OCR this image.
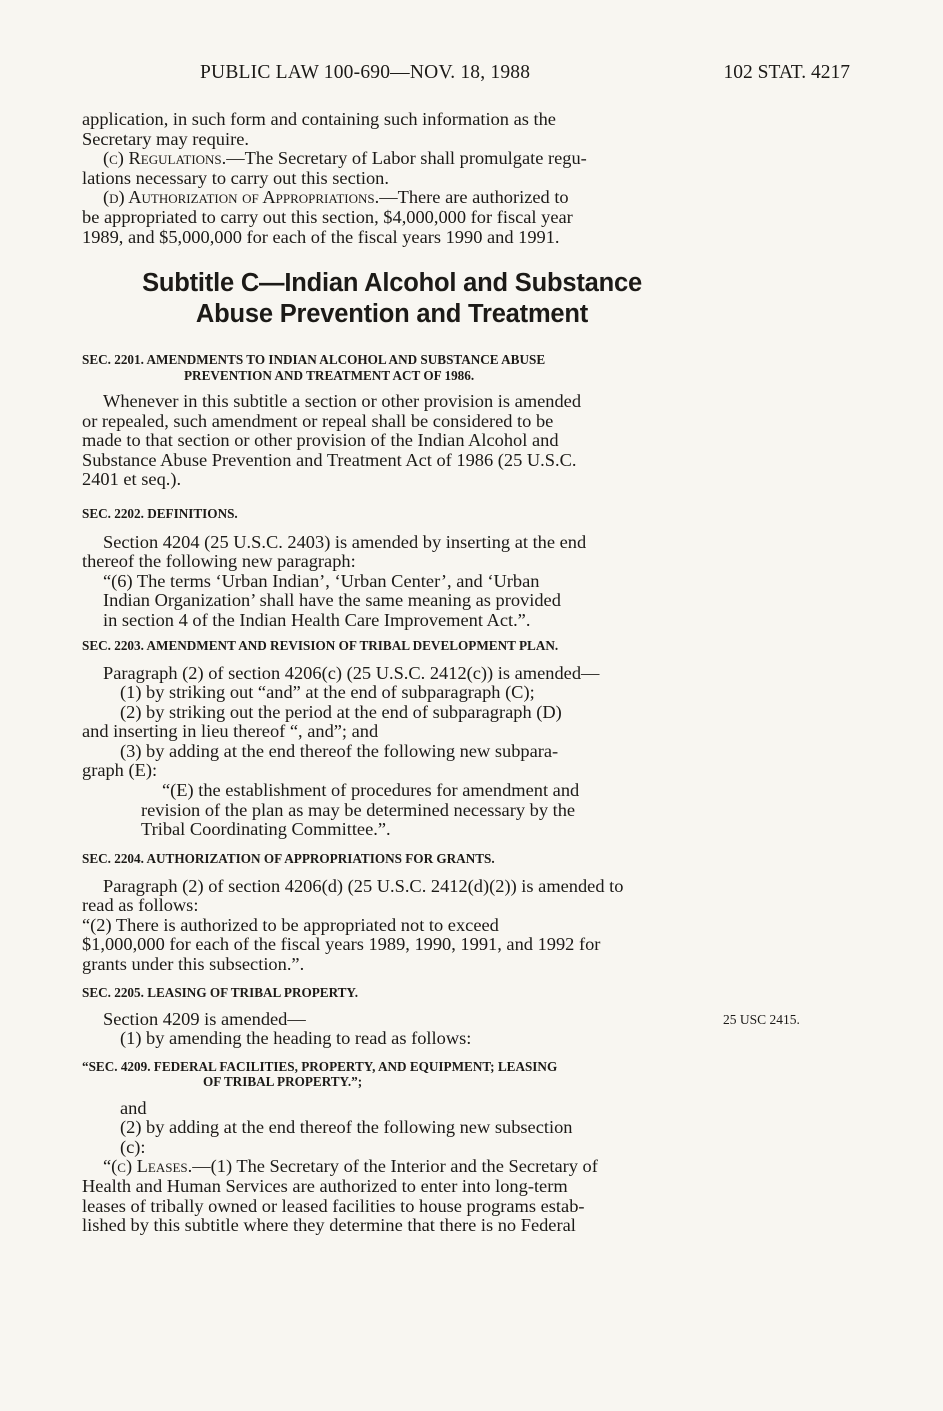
PUBLIC LAW 100-690—NOV. 18, 1988	102 STAT. 4217

application, in such form and containing such information as the

Secretary may require.

(c) Regulations.—The Secretary of Labor shall promulgate regu-

lations necessary to carry out this section.

(d) Authorization of Appropriations.—There are authorized to

be appropriated to carry out this section, $4,000,000 for fiscal year

1989, and $5,000,000 for each of the fiscal years 1990 and 1991.

Subtitle C—Indian Alcohol and Substance
Abuse Prevention and Treatment
SEC. 2201. AMENDMENTS TO INDIAN ALCOHOL AND SUBSTANCE ABUSE
PREVENTION AND TREATMENT ACT OF 1986.

Whenever in this subtitle a section or other provision is amended

or repealed, such amendment or repeal shall be considered to be

made to that section or other provision of the Indian Alcohol and

Substance Abuse Prevention and Treatment Act of 1986 (25 U.S.C.

2401 et seq.).

SEC. 2202. DEFINITIONS.

Section 4204 (25 U.S.C. 2403) is amended by inserting at the end

thereof the following new paragraph:

“(6) The terms ‘Urban Indian’, ‘Urban Center’, and ‘Urban

Indian Organization’ shall have the same meaning as provided

in section 4 of the Indian Health Care Improvement Act.”.

SEC. 2203. AMENDMENT AND REVISION OF TRIBAL DEVELOPMENT PLAN.

Paragraph (2) of section 4206(c) (25 U.S.C. 2412(c)) is amended—

(1) by striking out “and” at the end of subparagraph (C);

(2) by striking out the period at the end of subparagraph (D)

and inserting in lieu thereof “, and”; and

(3) by adding at the end thereof the following new subpara-

graph (E):

“(E) the establishment of procedures for amendment and

revision of the plan as may be determined necessary by the

Tribal Coordinating Committee.”.

SEC. 2204. AUTHORIZATION OF APPROPRIATIONS FOR GRANTS.

Paragraph (2) of section 4206(d) (25 U.S.C. 2412(d)(2)) is amended to

read as follows:

“(2) There is authorized to be appropriated not to exceed

$1,000,000 for each of the fiscal years 1989, 1990, 1991, and 1992 for

grants under this subsection.”.

SEC. 2205. LEASING OF TRIBAL PROPERTY.

Section 4209 is amended—

(1) by amending the heading to read as follows:

“SEC. 4209. FEDERAL FACILITIES, PROPERTY, AND EQUIPMENT; LEASING
OF TRIBAL PROPERTY.”;

and

(2) by adding at the end thereof the following new subsection

(c):

“(c) Leases.—(1) The Secretary of the Interior and the Secretary of

Health and Human Services are authorized to enter into long-term

leases of tribally owned or leased facilities to house programs estab-

lished by this subtitle where they determine that there is no Federal

25 USC 2415.
